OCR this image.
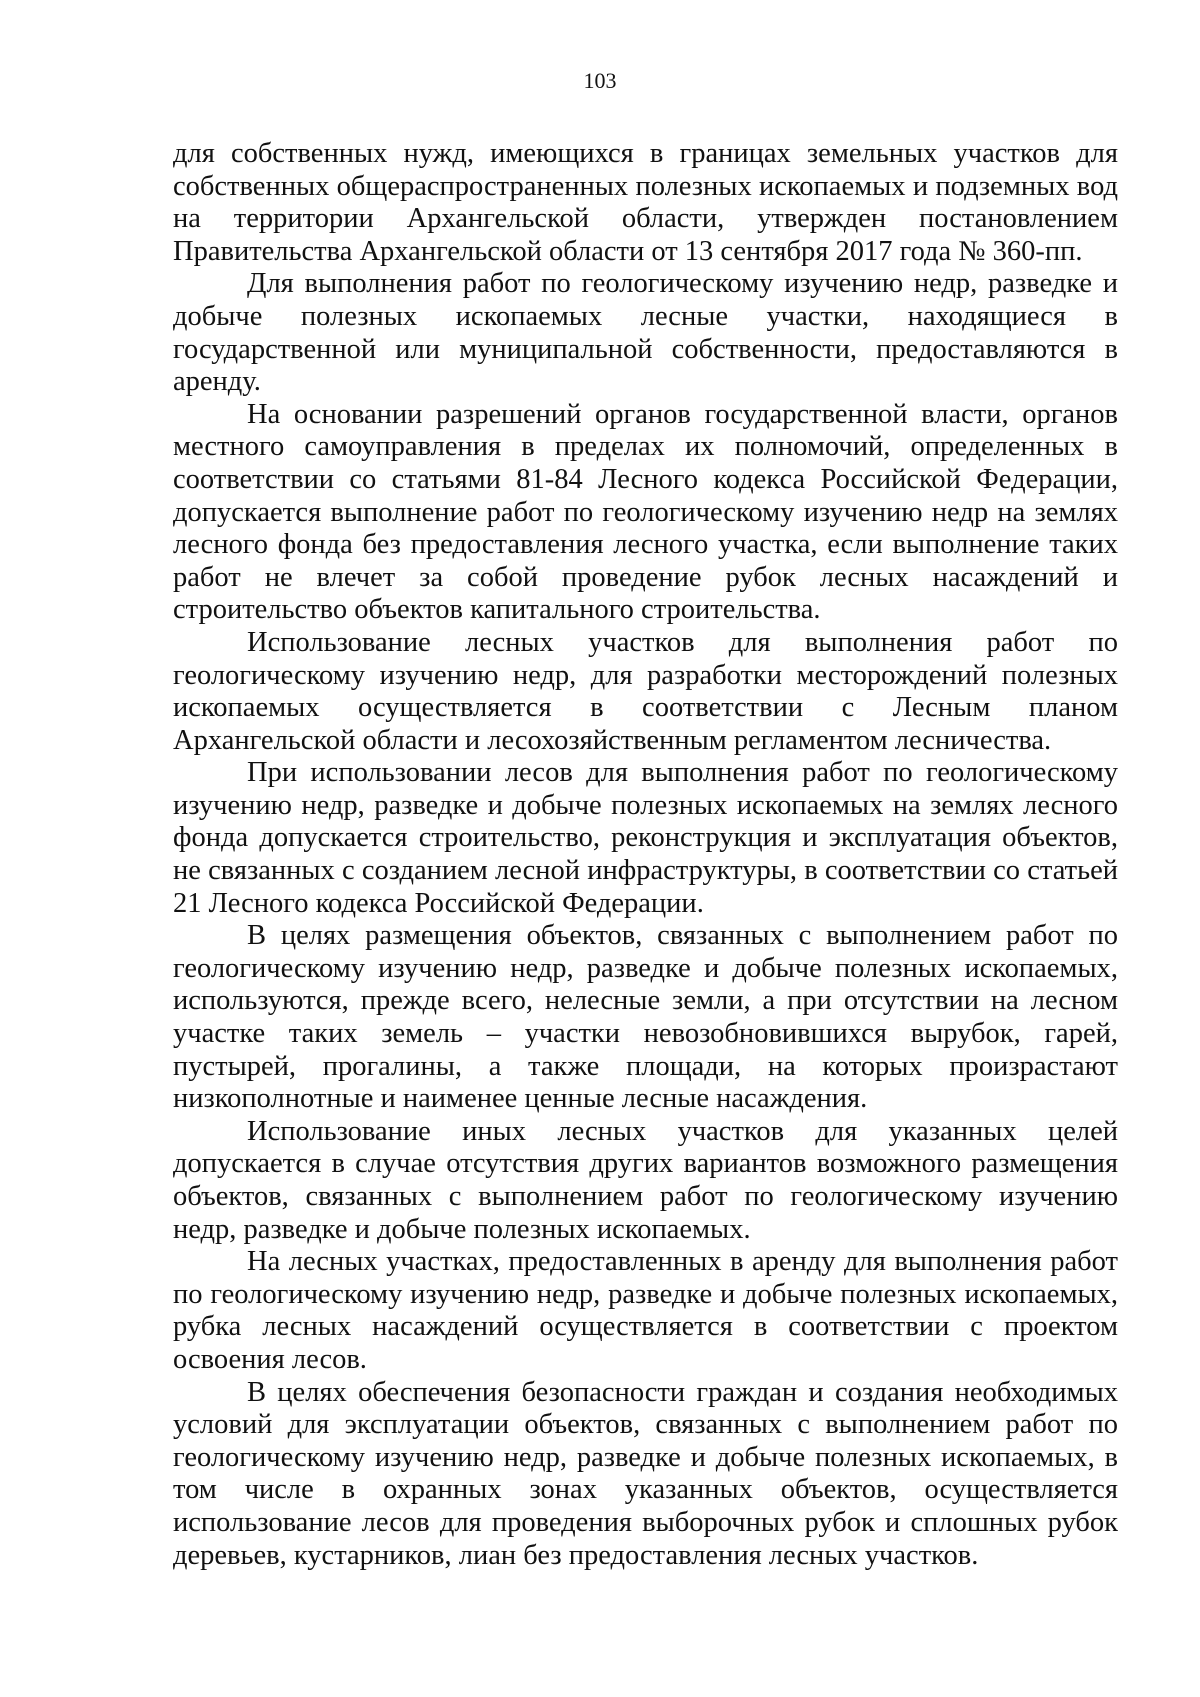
103

для собственных нужд, имеющихся в границах земельных участков для собственных общераспространенных полезных ископаемых и подземных вод на территории Архангельской области, утвержден постановлением Правительства Архангельской области от 13 сентября 2017 года № 360-пп.

Для выполнения работ по геологическому изучению недр, разведке и добыче полезных ископаемых лесные участки, находящиеся в государственной или муниципальной собственности, предоставляются в аренду.

На основании разрешений органов государственной власти, органов местного самоуправления в пределах их полномочий, определенных в соответствии со статьями 81-84 Лесного кодекса Российской Федерации, допускается выполнение работ по геологическому изучению недр на землях лесного фонда без предоставления лесного участка, если выполнение таких работ не влечет за собой проведение рубок лесных насаждений и строительство объектов капитального строительства.

Использование лесных участков для выполнения работ по геологическому изучению недр, для разработки месторождений полезных ископаемых осуществляется в соответствии с Лесным планом Архангельской области и лесохозяйственным регламентом лесничества.

При использовании лесов для выполнения работ по геологическому изучению недр, разведке и добыче полезных ископаемых на землях лесного фонда допускается строительство, реконструкция и эксплуатация объектов, не связанных с созданием лесной инфраструктуры, в соответствии со статьей 21 Лесного кодекса Российской Федерации.

В целях размещения объектов, связанных с выполнением работ по геологическому изучению недр, разведке и добыче полезных ископаемых, используются, прежде всего, нелесные земли, а при отсутствии на лесном участке таких земель – участки невозобновившихся вырубок, гарей, пустырей, прогалины, а также площади, на которых произрастают низкополнотные и наименее ценные лесные насаждения.

Использование иных лесных участков для указанных целей допускается в случае отсутствия других вариантов возможного размещения объектов, связанных с выполнением работ по геологическому изучению недр, разведке и добыче полезных ископаемых.

На лесных участках, предоставленных в аренду для выполнения работ по геологическому изучению недр, разведке и добыче полезных ископаемых, рубка лесных насаждений осуществляется в соответствии с проектом освоения лесов.

В целях обеспечения безопасности граждан и создания необходимых условий для эксплуатации объектов, связанных с выполнением работ по геологическому изучению недр, разведке и добыче полезных ископаемых, в том числе в охранных зонах указанных объектов, осуществляется использование лесов для проведения выборочных рубок и сплошных рубок деревьев, кустарников, лиан без предоставления лесных участков.
